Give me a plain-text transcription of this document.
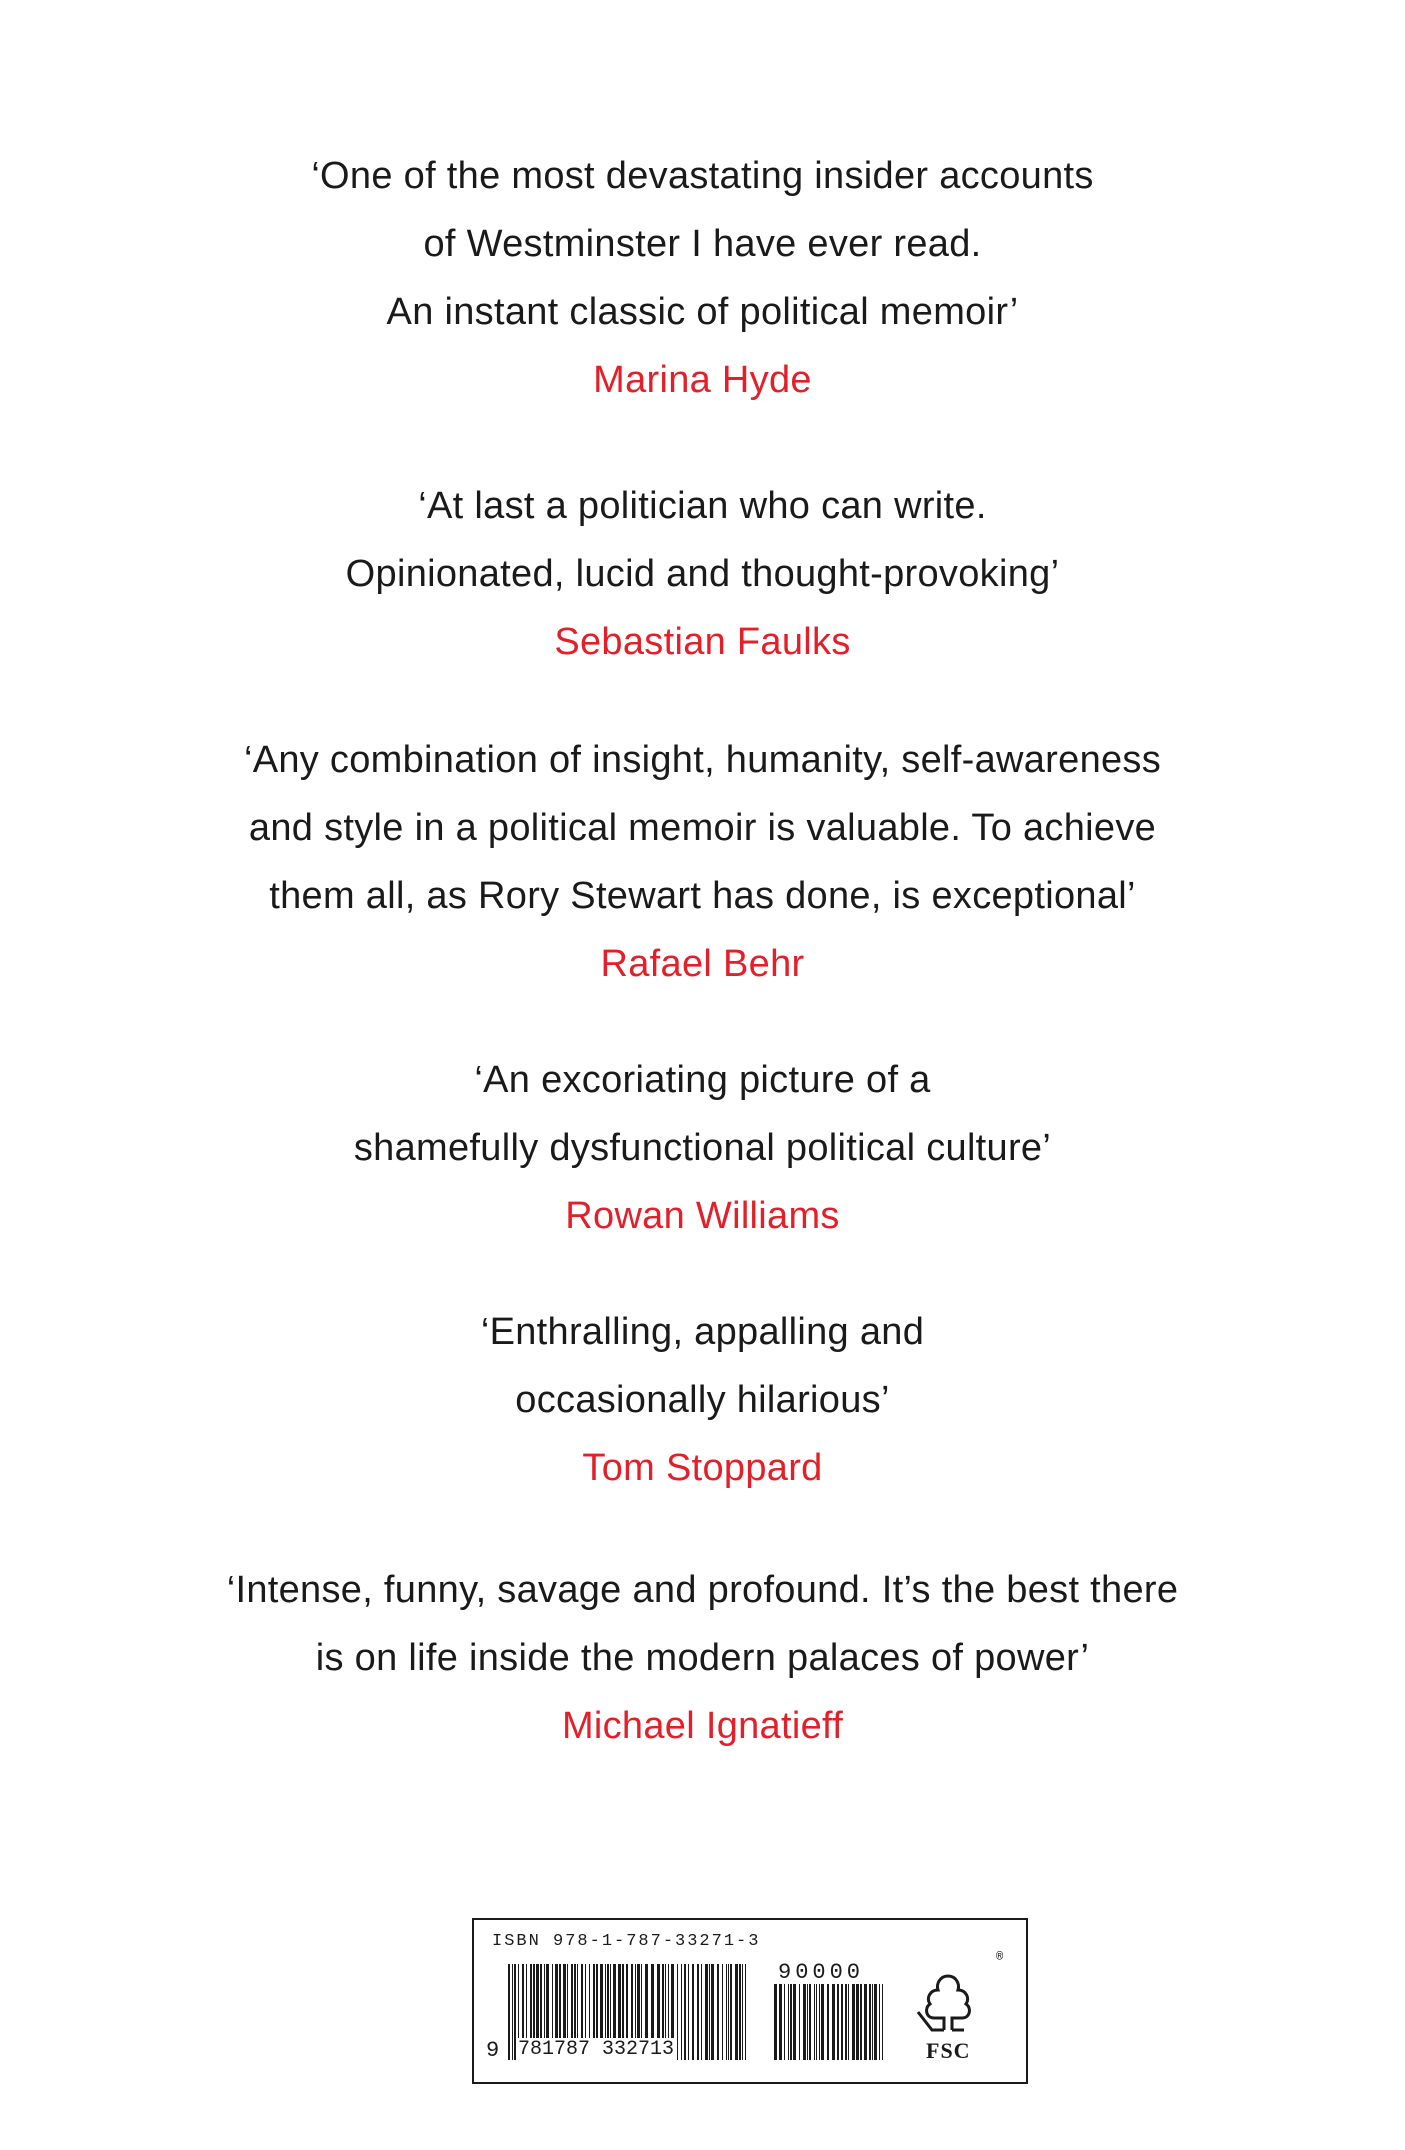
‘One of the most devastating insider accounts
of Westminster I have ever read.
An instant classic of political memoir’
Marina Hyde
‘At last a politician who can write.
Opinionated, lucid and thought-provoking’
Sebastian Faulks
‘Any combination of insight, humanity, self-awareness
and style in a political memoir is valuable. To achieve
them all, as Rory Stewart has done, is exceptional’
Rafael Behr
‘An excoriating picture of a
shamefully dysfunctional political culture’
Rowan Williams
‘Enthralling, appalling and
occasionally hilarious’
Tom Stoppard
‘Intense, funny, savage and profound. It’s the best there
is on life inside the modern palaces of power’
Michael Ignatieff
ISBN 978-1-787-33271-3
9 781787 332713
90000
®
FSC
